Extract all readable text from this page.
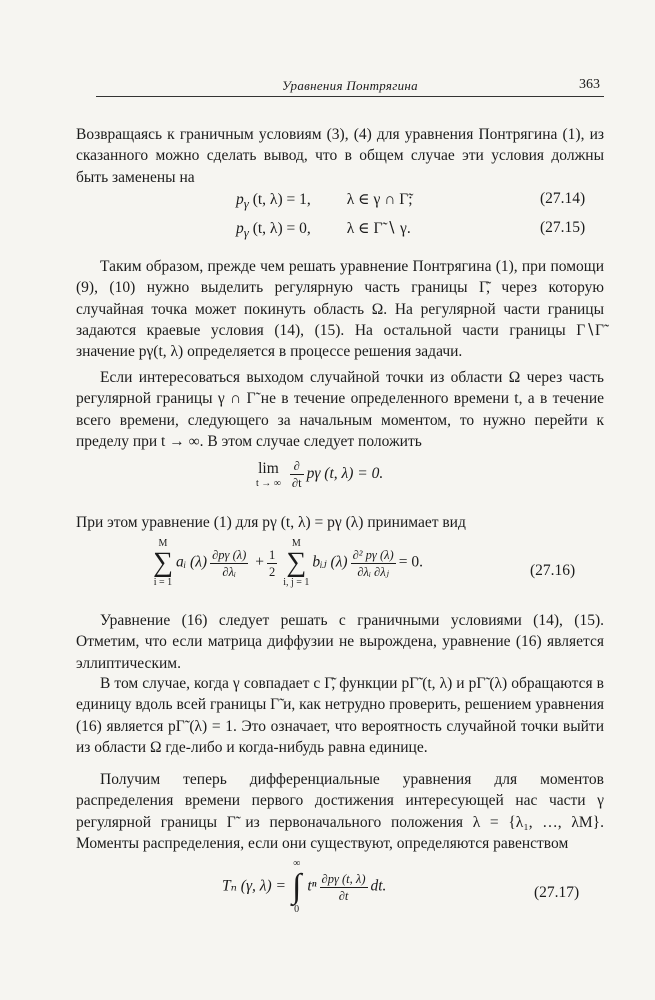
Уравнения Понтрягина	363

Возвращаясь к граничным условиям (3), (4) для уравнения Понтрягина (1), из сказанного можно сделать вывод, что в общем случае эти условия должны быть заменены на

$p_\gamma$ (t, λ) = 1, λ ∈ γ ∩ Γ̃;	(27.14)
$p_\gamma$ (t, λ) = 0, λ ∈ Γ̃ ∖ γ.	(27.15)

Таким образом, прежде чем решать уравнение Понтрягина (1), при помощи (9), (10) нужно выделить регулярную часть границы Γ̃, через которую случайная точка может покинуть область Ω. На регулярной части границы задаются краевые условия (14), (15). На остальной части границы Γ∖Γ̃ значение pγ(t, λ) определяется в процессе решения задачи.

Если интересоваться выходом случайной точки из области Ω через часть регулярной границы γ ∩ Γ̃ не в течение определенного времени t, а в течение всего времени, следующего за начальным моментом, то нужно перейти к пределу при t → ∞. В этом случае следует положить

lim
t → ∞ $\frac{\partial}{\partial t}$ pγ (t, λ) = 0.

При этом уравнение (1) для pγ (t, λ) = pγ (λ) принимает вид

M
∑
i = 1
aᵢ $(\lambda) \frac{\partial p\gamma (\lambda)}{\text{∂λᵢ}} + \frac{1}{2}$
M
∑
i, j = 1
bᵢⱼ $(\lambda) \frac{\text{∂² pγ (λ)}}{\text{∂λᵢ ∂λⱼ}} = 0$.	(27.16)

Уравнение (16) следует решать с граничными условиями (14), (15). Отметим, что если матрица диффузии не вырождена, уравнение (16) является эллиптическим.

В том случае, когда γ совпадает с Γ̃, функции pΓ̃ (t, λ) и pΓ̃ (λ) обращаются в единицу вдоль всей границы Γ̃ и, как нетрудно проверить, решением уравнения (16) является pΓ̃ (λ) = 1. Это означает, что вероятность случайной точки выйти из области Ω где-либо и когда-нибудь равна единице.

Получим теперь дифференциальные уравнения для моментов распределения времени первого достижения интересующей нас части γ регулярной границы Γ̃ из первоначального положения λ = {λ₁, …, λM}. Моменты распределения, если они существуют, определяются равенством

Tₙ (γ, λ) =
∞
∫
0
tⁿ $\frac{\partial p\gamma (t, \lambda)}{\partial t}$ dt.	(27.17)
